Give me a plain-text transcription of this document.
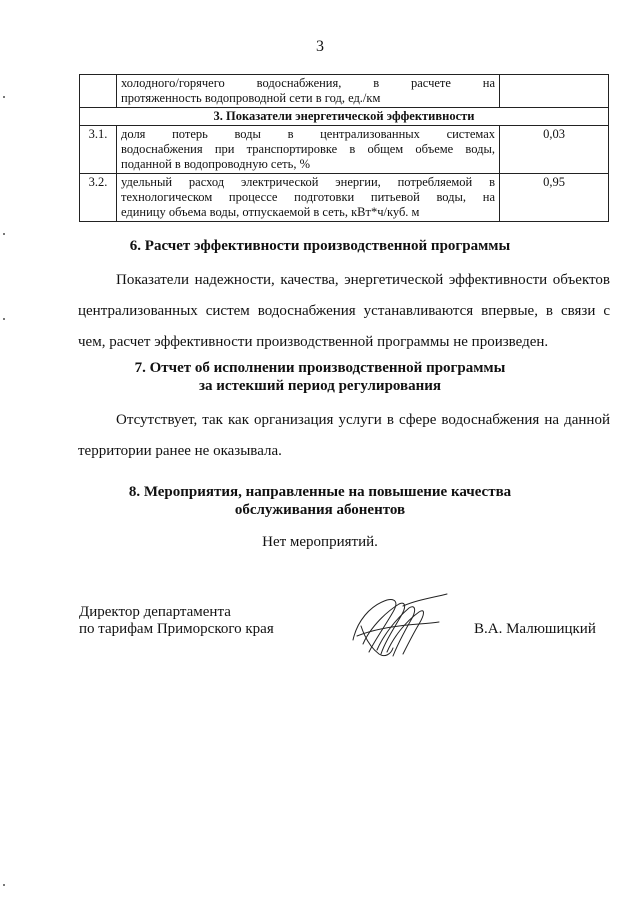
3
	холодного/горячего водоснабжения, в расчете на

протяженность водопроводной сети в год, ед./км	

3. Показатели энергетической эффективности		
3.1.	доля потерь воды в централизованных системах
водоснабжения при транспортировке в общем объеме воды,

поданной в водопроводную сеть, %	0,03
3.2.	удельный расход электрической энергии, потребляемой в
технологическом процессе подготовки питьевой воды, на

единицу объема воды, отпускаемой в сеть, кВт*ч/куб. м	0,95
6. Расчет эффективности производственной программы
Показатели надежности, качества, энергетической эффективности объектов
централизованных систем водоснабжения устанавливаются впервые, в связи с
чем, расчет эффективности производственной программы не произведен.
7. Отчет об исполнении производственной программы
за истекший период регулирования
Отсутствует, так как организация услуги в сфере водоснабжения на данной
территории ранее не оказывала.
8. Мероприятия, направленные на повышение качества
обслуживания абонентов
Нет мероприятий.
Директор департамента
по тарифам Приморского края	В.А. Малюшицкий
